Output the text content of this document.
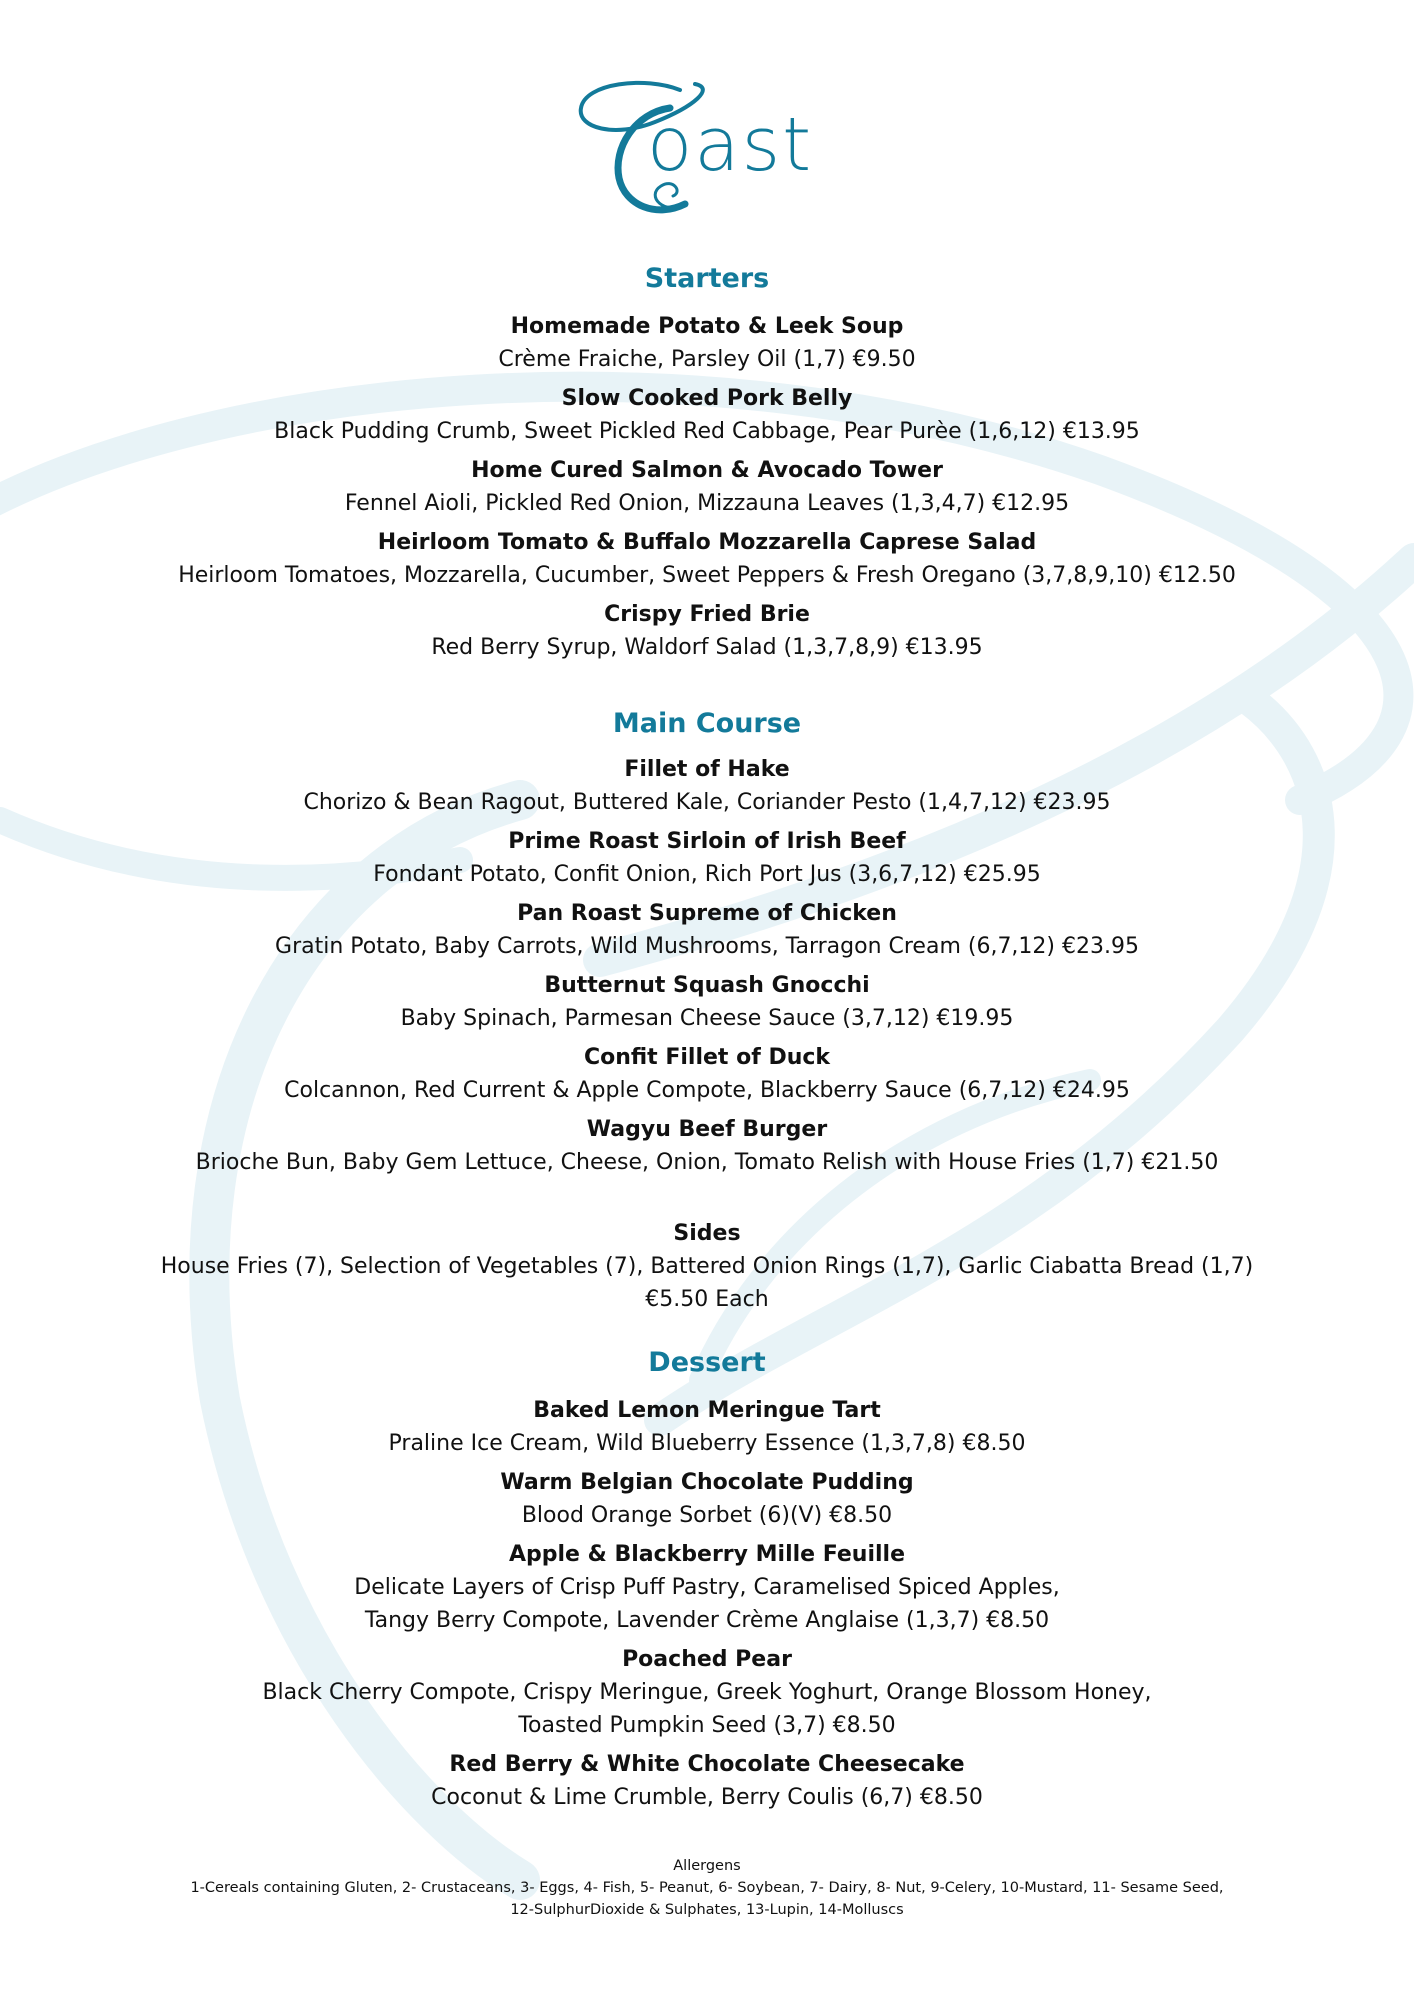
oast
Starters
Homemade Potato & Leek Soup
Crème Fraiche, Parsley Oil (1,7) €9.50
Slow Cooked Pork Belly
Black Pudding Crumb, Sweet Pickled Red Cabbage, Pear Purèe (1,6,12) €13.95
Home Cured Salmon & Avocado Tower
Fennel Aioli, Pickled Red Onion, Mizzauna Leaves (1,3,4,7) €12.95
Heirloom Tomato & Buffalo Mozzarella Caprese Salad
Heirloom Tomatoes, Mozzarella, Cucumber, Sweet Peppers & Fresh Oregano (3,7,8,9,10) €12.50
Crispy Fried Brie
Red Berry Syrup, Waldorf Salad (1,3,7,8,9) €13.95
Main Course
Fillet of Hake
Chorizo & Bean Ragout, Buttered Kale, Coriander Pesto (1,4,7,12) €23.95
Prime Roast Sirloin of Irish Beef
Fondant Potato, Confit Onion, Rich Port Jus (3,6,7,12) €25.95
Pan Roast Supreme of Chicken
Gratin Potato, Baby Carrots, Wild Mushrooms, Tarragon Cream (6,7,12) €23.95
Butternut Squash Gnocchi
Baby Spinach, Parmesan Cheese Sauce (3,7,12) €19.95
Confit Fillet of Duck
Colcannon, Red Current & Apple Compote, Blackberry Sauce (6,7,12) €24.95
Wagyu Beef Burger
Brioche Bun, Baby Gem Lettuce, Cheese, Onion, Tomato Relish with House Fries (1,7) €21.50
Sides
House Fries (7), Selection of Vegetables (7), Battered Onion Rings (1,7), Garlic Ciabatta Bread (1,7)
€5.50 Each
Dessert
Baked Lemon Meringue Tart
Praline Ice Cream, Wild Blueberry Essence (1,3,7,8) €8.50
Warm Belgian Chocolate Pudding
Blood Orange Sorbet (6)(V) €8.50
Apple & Blackberry Mille Feuille
Delicate Layers of Crisp Puff Pastry, Caramelised Spiced Apples,
Tangy Berry Compote, Lavender Crème Anglaise (1,3,7) €8.50
Poached Pear
Black Cherry Compote, Crispy Meringue, Greek Yoghurt, Orange Blossom Honey,
Toasted Pumpkin Seed (3,7) €8.50
Red Berry & White Chocolate Cheesecake
Coconut & Lime Crumble, Berry Coulis (6,7) €8.50
Allergens
1-Cereals containing Gluten, 2- Crustaceans, 3- Eggs, 4- Fish, 5- Peanut, 6- Soybean, 7- Dairy, 8- Nut, 9-Celery, 10-Mustard, 11- Sesame Seed,
12-SulphurDioxide & Sulphates, 13-Lupin, 14-Molluscs
